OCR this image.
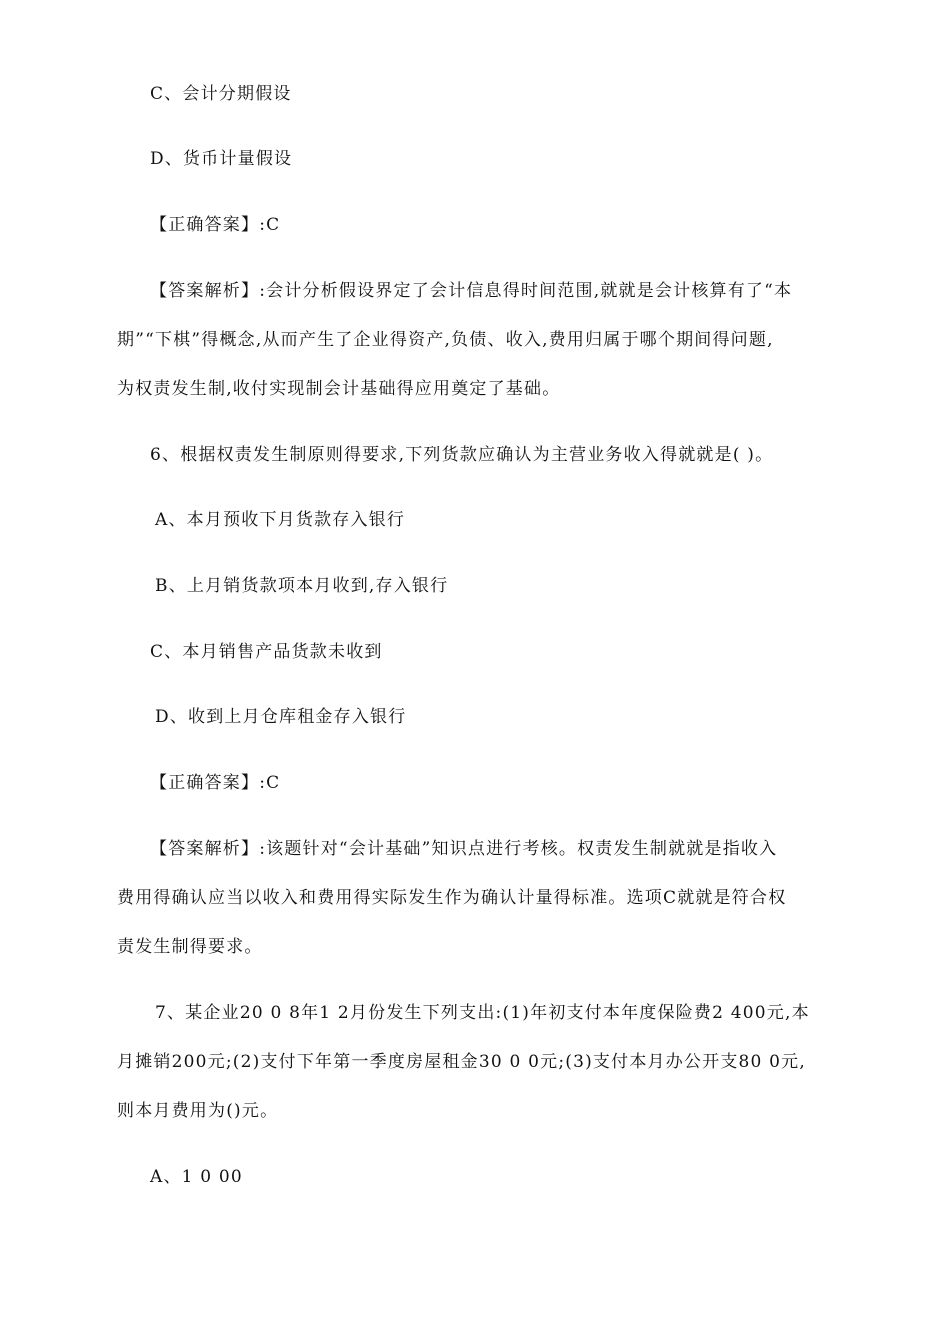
C、会计分期假设
D、货币计量假设
【正确答案】:C
【答案解析】:会计分析假设界定了会计信息得时间范围,就就是会计核算有了“本
期”“下棋”得概念,从而产生了企业得资产,负债、收入,费用归属于哪个期间得问题,
为权责发生制,收付实现制会计基础得应用奠定了基础。
6、根据权责发生制原则得要求,下列货款应确认为主营业务收入得就就是( )。
A、本月预收下月货款存入银行
B、上月销货款项本月收到,存入银行
C、本月销售产品货款未收到
D、收到上月仓库租金存入银行
【正确答案】:C
【答案解析】:该题针对“会计基础”知识点进行考核。权责发生制就就是指收入
费用得确认应当以收入和费用得实际发生作为确认计量得标准。选项C就就是符合权
责发生制得要求。
7、某企业20 0 8年1 2月份发生下列支出:(1)年初支付本年度保险费2 400元,本
月摊销200元;(2)支付下年第一季度房屋租金30 0 0元;(3)支付本月办公开支80 0元,
则本月费用为()元。
A、1 0 00
